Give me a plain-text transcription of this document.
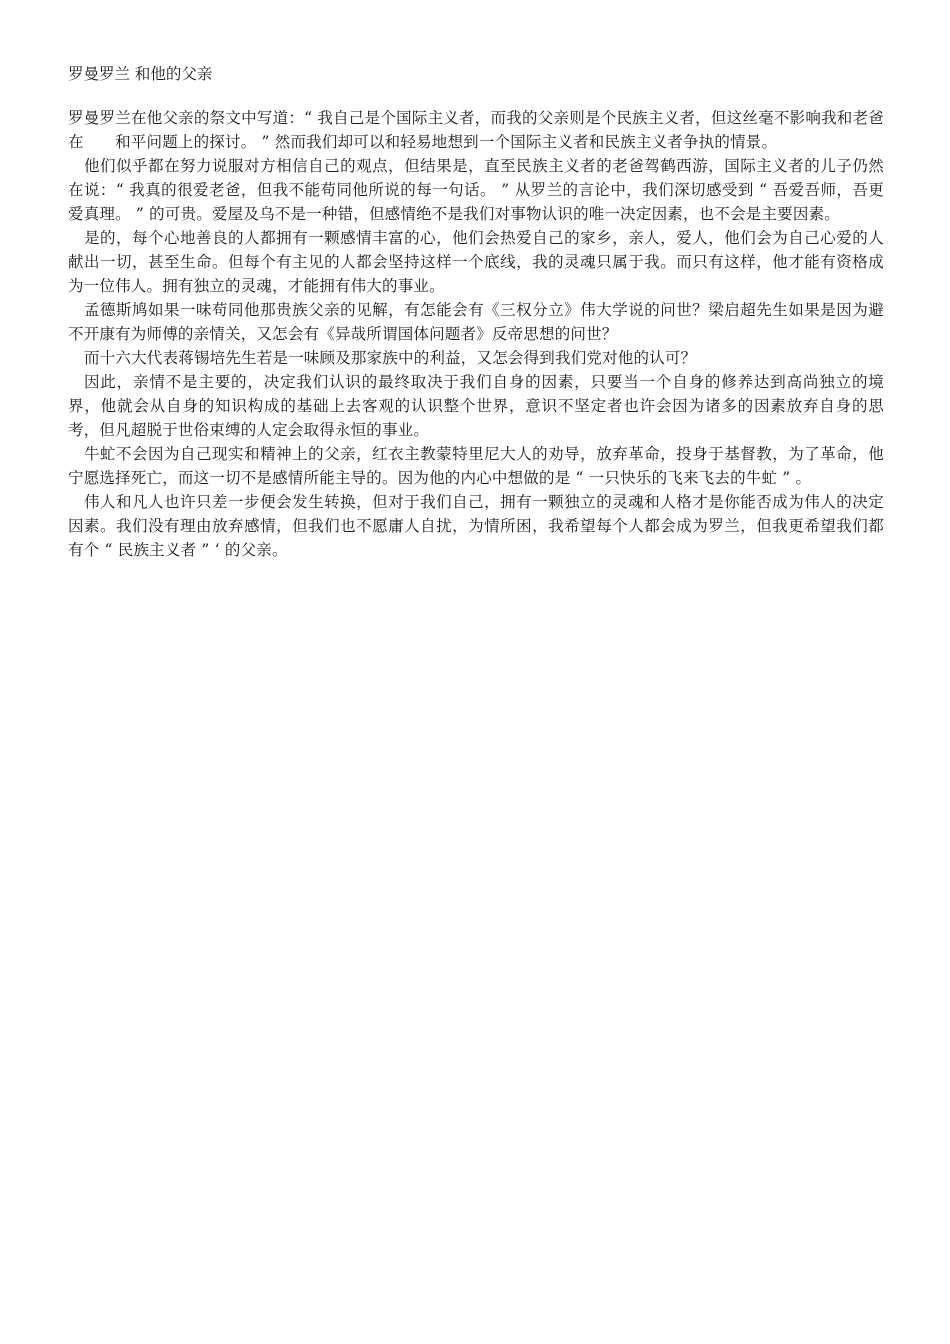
罗曼罗兰 和他的父亲

罗曼罗兰在他父亲的祭文中写道：“ 我自己是个国际主义者，而我的父亲则是个民族主义者，但这丝毫不影响我和老爸在　　和平问题上的探讨。 ” 然而我们却可以和轻易地想到一个国际主义者和民族主义者争执的情景。

他们似乎都在努力说服对方相信自己的观点，但结果是，直至民族主义者的老爸驾鹤西游，国际主义者的儿子仍然在说：“ 我真的很爱老爸，但我不能苟同他所说的每一句话。 ” 从罗兰的言论中，我们深切感受到 “ 吾爱吾师，吾更爱真理。 ” 的可贵。爱屋及乌不是一种错，但感情绝不是我们对事物认识的唯一决定因素，也不会是主要因素。

是的，每个心地善良的人都拥有一颗感情丰富的心，他们会热爱自己的家乡，亲人，爱人，他们会为自己心爱的人献出一切，甚至生命。但每个有主见的人都会坚持这样一个底线，我的灵魂只属于我。而只有这样，他才能有资格成为一位伟人。拥有独立的灵魂，才能拥有伟大的事业。

孟德斯鸠如果一味苟同他那贵族父亲的见解，有怎能会有《三权分立》伟大学说的问世？梁启超先生如果是因为避不开康有为师傅的亲情关，又怎会有《异哉所谓国体问题者》反帝思想的问世？

而十六大代表蒋锡培先生若是一味顾及那家族中的利益，又怎会得到我们党对他的认可？

因此，亲情不是主要的，决定我们认识的最终取决于我们自身的因素，只要当一个自身的修养达到高尚独立的境界，他就会从自身的知识构成的基础上去客观的认识整个世界，意识不坚定者也许会因为诸多的因素放弃自身的思考，但凡超脱于世俗束缚的人定会取得永恒的事业。

牛虻不会因为自己现实和精神上的父亲，红衣主教蒙特里尼大人的劝导，放弃革命，投身于基督教，为了革命，他宁愿选择死亡，而这一切不是感情所能主导的。因为他的内心中想做的是 “ 一只快乐的飞来飞去的牛虻 ” 。

伟人和凡人也许只差一步便会发生转换，但对于我们自己，拥有一颗独立的灵魂和人格才是你能否成为伟人的决定因素。我们没有理由放弃感情，但我们也不愿庸人自扰，为情所困，我希望每个人都会成为罗兰，但我更希望我们都有个 “ 民族主义者 ” ‘ 的父亲。
